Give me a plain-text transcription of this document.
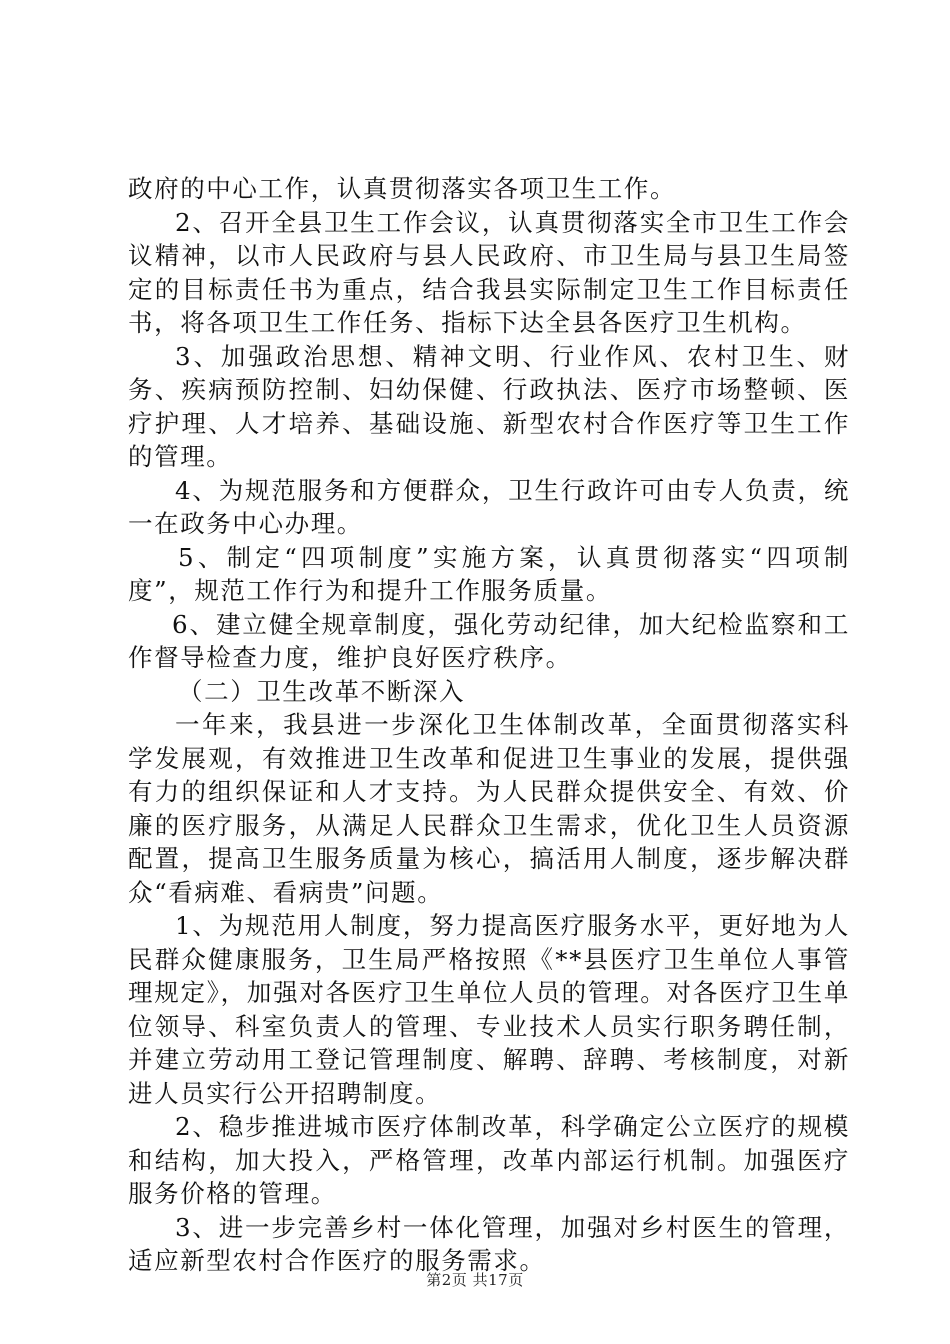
政府的中心工作，认真贯彻落实各项卫生工作。

2、召开全县卫生工作会议，认真贯彻落实全市卫生工作会议精神，以市人民政府与县人民政府、市卫生局与县卫生局签定的目标责任书为重点，结合我县实际制定卫生工作目标责任书，将各项卫生工作任务、指标下达全县各医疗卫生机构。

3、加强政治思想、精神文明、行业作风、农村卫生、财务、疾病预防控制、妇幼保健、行政执法、医疗市场整顿、医疗护理、人才培养、基础设施、新型农村合作医疗等卫生工作的管理。

4、为规范服务和方便群众，卫生行政许可由专人负责，统一在政务中心办理。

5、制定“四项制度”实施方案，认真贯彻落实“四项制度”，规范工作行为和提升工作服务质量。

6、建立健全规章制度，强化劳动纪律，加大纪检监察和工作督导检查力度，维护良好医疗秩序。

（二）卫生改革不断深入

一年来，我县进一步深化卫生体制改革，全面贯彻落实科学发展观，有效推进卫生改革和促进卫生事业的发展，提供强有力的组织保证和人才支持。为人民群众提供安全、有效、价廉的医疗服务，从满足人民群众卫生需求，优化卫生人员资源配置，提高卫生服务质量为核心，搞活用人制度，逐步解决群众“看病难、看病贵”问题。

1、为规范用人制度，努力提高医疗服务水平，更好地为人民群众健康服务，卫生局严格按照《**县医疗卫生单位人事管理规定》，加强对各医疗卫生单位人员的管理。对各医疗卫生单位领导、科室负责人的管理、专业技术人员实行职务聘任制，并建立劳动用工登记管理制度、解聘、辞聘、考核制度，对新进人员实行公开招聘制度。

2、稳步推进城市医疗体制改革，科学确定公立医疗的规模和结构，加大投入，严格管理，改革内部运行机制。加强医疗服务价格的管理。

3、进一步完善乡村一体化管理，加强对乡村医生的管理，适应新型农村合作医疗的服务需求。

第2页 共17页
